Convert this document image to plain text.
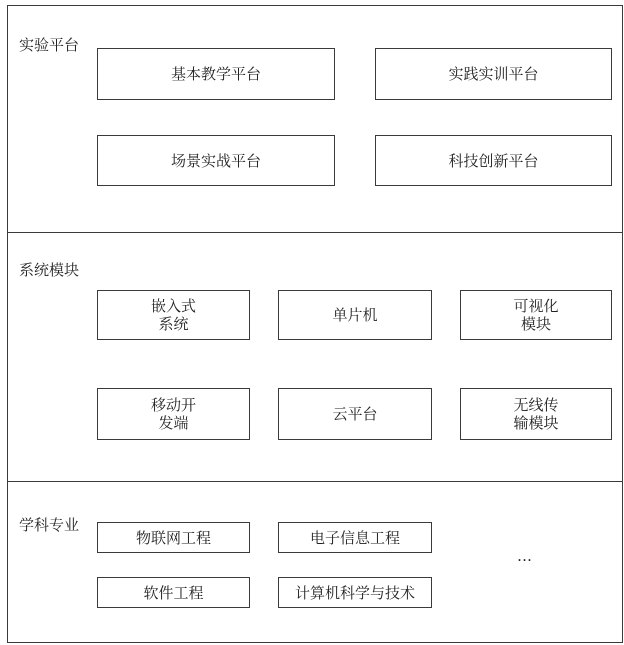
实验平台
基本教学平台	实践实训平台
场景实战平台	科技创新平台
系统模块
嵌入式
系统	单片机	可视化
模块
移动开
发端	云平台	无线传
输模块
学科专业
物联网工程	电子信息工程
软件工程	计算机科学与技术
…
